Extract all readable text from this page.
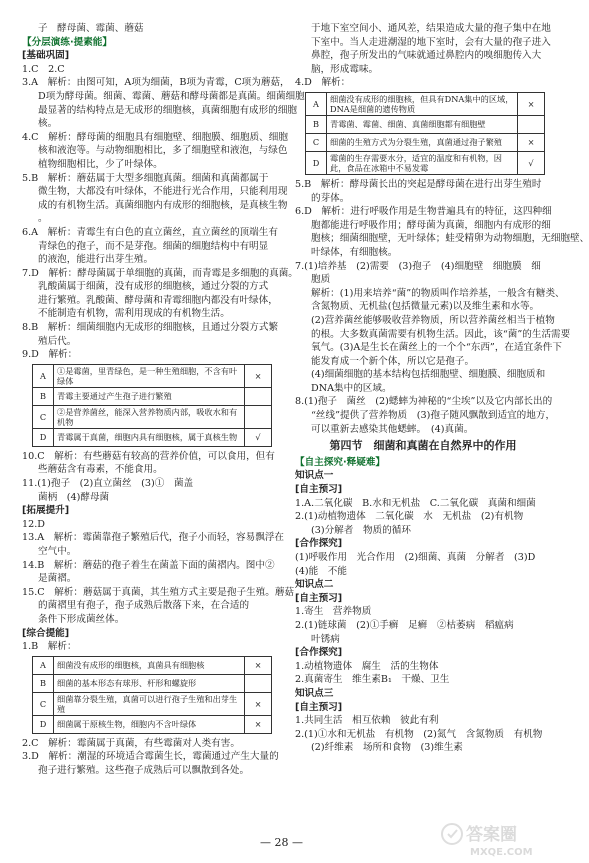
子　酵母菌、霉菌、蘑菇
【分层演练·提素能】
[基础巩固]
1.C　2.C
3.A　解析：由图可知，A项为细菌，B项为青霉，C项为蘑菇，
D项为酵母菌。细菌、霉菌、蘑菇和酵母菌都是真菌。细菌细胞
最显著的结构特点是无成形的细胞核，真菌细胞有成形的细胞
核。
4.C　解析：酵母菌的细胞具有细胞壁、细胞膜、细胞质、细胞
核和液泡等。与动物细胞相比，多了细胞壁和液泡，与绿色
植物细胞相比，少了叶绿体。
5.B　解析：蘑菇属于大型多细胞真菌。细菌和真菌都属于
微生物，大都没有叶绿体，不能进行光合作用，只能利用现
成的有机物生活。真菌细胞内有成形的细胞核，是真核生物
。
6.A　解析：青霉生有白色的直立菌丝，直立菌丝的顶端生有
青绿色的孢子，而不是芽孢。细菌的细胞结构中有明显
的液泡，能进行出芽生殖。
7.D　解析：酵母菌属于单细胞的真菌，而青霉是多细胞的真菌。
乳酸菌属于细菌，没有成形的细胞核，通过分裂的方式
进行繁殖。乳酸菌、酵母菌和青霉细胞内都没有叶绿体，
不能制造有机物，需利用现成的有机物生活。
8.B　解析：细菌细胞内无成形的细胞核，且通过分裂方式繁
殖后代。
9.D　解析：
A	①是霉菌，里青绿色，是一种生殖细胞，不含有叶绿体	×
B	青霉主要通过产生孢子进行繁殖	
C	②是营养菌丝，能深入营养物质内部，吸收水和有机物	
D	青霉属于真菌，细胞内具有细胞核，属于真核生物	√
10.C　解析：有些蘑菇有较高的营养价值，可以食用，但有
些蘑菇含有毒素，不能食用。
11.(1)孢子　(2)直立菌丝　(3)①　菌盖
菌柄　(4)酵母菌
[拓展提升]
12.D
13.A　解析：霉菌靠孢子繁殖后代，孢子小而轻，容易飘浮在
空气中。
14.B　解析：蘑菇的孢子着生在菌盖下面的菌褶内。图中②
是菌褶。
15.C　解析：蘑菇属于真菌，其生殖方式主要是孢子生殖。蘑菇
的菌褶里有孢子，孢子成熟后散落下来，在合适的
条件下形成菌丝体。
[综合提能]
1.B　解析：
A	细菌没有成形的细胞核，真菌具有细胞核	×
B	细菌的基本形态有球形、杆形和螺旋形	
C	细菌靠分裂生殖，真菌可以进行孢子生殖和出芽生殖	×
D	细菌属于原核生物，细胞内不含叶绿体	×
2.C　解析：霉菌属于真菌，有些霉菌对人类有害。
3.D　解析：潮湿的环境适合霉菌生长，霉菌通过产生大量的
孢子进行繁殖。这些孢子成熟后可以飘散到各处。
于地下室空间小、通风差，结果造成大量的孢子集中在地
下室中。当人走进潮湿的地下室时，会有大量的孢子进入
鼻腔，孢子所发出的气味就通过鼻腔内的嗅细胞传入大
脑，形成霉味。
4.D　解析：
A	细菌没有成形的细胞核，但具有DNA集中的区域，DNA是细菌的遗传物质	×
B	青霉菌、霉菌、细菌、真菌细胞都有细胞壁	
C	细菌的生殖方式为分裂生殖，真菌通过孢子繁殖	×
D	霉菌的生存需要水分，适宜的温度和有机物，因此，食品在冰箱中不易发霉	√
5.B　解析：酵母菌长出的突起是酵母菌在进行出芽生殖时
的芽体。
6.D　解析：进行呼吸作用是生物普遍具有的特征，这四种细
胞都能进行呼吸作用；酵母菌为真菌，细胞内有成形的细
胞核；细菌细胞壁，无叶绿体；蛙受精卵为动物细胞，无细胞壁、
叶绿体，有细胞核。
7.(1)培养基　(2)需要　(3)孢子　(4)细胞壁　细胞膜　细
胞质
解析：(1)用来培养“菌”的物质叫作培养基，一般含有糖类、
含氮物质、无机盐(包括微量元素)以及维生素和水等。
(2)营养菌丝能够吸收营养物质，所以营养菌丝相当于植物
的根。大多数真菌需要有机物生活。因此，该“菌”的生活需要
氧气。(3)A是生长在菌丝上的一个个“东西”，在适宜条件下
能发育成一个新个体，所以它是孢子。
(4)细菌细胞的基本结构包括细胞壁、细胞膜、细胞质和
DNA集中的区域。
8.(1)孢子　菌丝　(2)蟋蟀为神秘的“尘埃”以及它内部长出的
“丝线”提供了营养物质　(3)孢子随风飘散到适宜的地方，
可以重新去感染其他蟋蟀。　(4)真菌。
第四节　细菌和真菌在自然界中的作用
【自主探究·释疑难】
知识点一
[自主预习]
1.A.二氧化碳　B.水和无机盐　C.二氧化碳　真菌和细菌
2.(1)动植物遗体　二氧化碳　水　无机盐　(2)有机物
(3)分解者　物质的循环
[合作探究]
(1)呼吸作用　光合作用　(2)细菌、真菌　分解者　(3)D
(4)能　不能
知识点二
[自主预习]
1.寄生　营养物质
2.(1)链球菌　(2)①手癣　足癣　②枯萎病　稻瘟病
叶锈病
[合作探究]
1.动植物遗体　腐生　活的生物体
2.真菌寄生　维生素B₁　干燥、卫生
知识点三
[自主预习]
1.共同生活　相互依赖　彼此有利
2.(1)①水和无机盐　有机物　(2)氮气　含氮物质　有机物
(2)纤维素　场所和食物　(3)维生素
— 28 —	答案圈
MXQE.COM
